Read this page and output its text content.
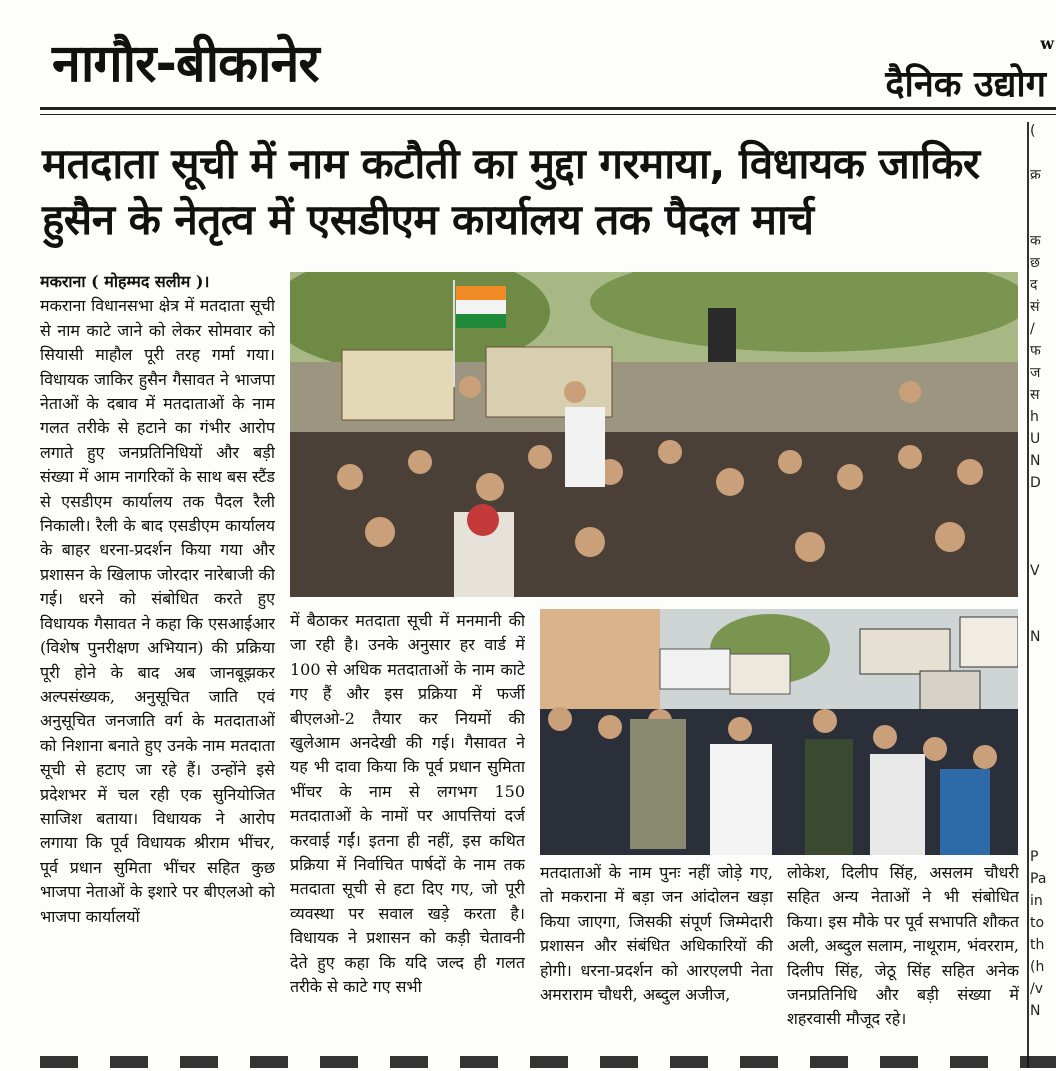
नागौर-बीकानेर	w
दैनिक उद्योग
मतदाता सूची में नाम कटौती का मुद्दा गरमाया, विधायक जाकिर हुसैन के नेतृत्व में एसडीएम कार्यालय तक पैदल मार्च
मकराना ( मोहम्मद सलीम )।
मकराना विधानसभा क्षेत्र में मतदाता सूची से नाम काटे जाने को लेकर सोमवार को सियासी माहौल पूरी तरह गर्मा गया। विधायक जाकिर हुसैन गैसावत ने भाजपा नेताओं के दबाव में मतदाताओं के नाम गलत तरीके से हटाने का गंभीर आरोप लगाते हुए जनप्रतिनिधियों और बड़ी संख्या में आम नागरिकों के साथ बस स्टैंड से एसडीएम कार्यालय तक पैदल रैली निकाली। रैली के बाद एसडीएम कार्यालय के बाहर धरना-प्रदर्शन किया गया और प्रशासन के खिलाफ जोरदार नारेबाजी की गई। धरने को संबोधित करते हुए विधायक गैसावत ने कहा कि एसआईआर (विशेष पुनरीक्षण अभियान) की प्रक्रिया पूरी होने के बाद अब जानबूझकर अल्पसंख्यक, अनुसूचित जाति एवं अनुसूचित जनजाति वर्ग के मतदाताओं को निशाना बनाते हुए उनके नाम मतदाता सूची से हटाए जा रहे हैं। उन्होंने इसे प्रदेशभर में चल रही एक सुनियोजित साजिश बताया। विधायक ने आरोप लगाया कि पूर्व विधायक श्रीराम भींचर, पूर्व प्रधान सुमिता भींचर सहित कुछ भाजपा नेताओं के इशारे पर बीएलओ को भाजपा कार्यालयों
में बैठाकर मतदाता सूची में मनमानी की जा रही है। उनके अनुसार हर वार्ड में 100 से अधिक मतदाताओं के नाम काटे गए हैं और इस प्रक्रिया में फर्जी बीएलओ-2 तैयार कर नियमों की खुलेआम अनदेखी की गई। गैसावत ने यह भी दावा किया कि पूर्व प्रधान सुमिता भींचर के नाम से लगभग 150 मतदाताओं के नामों पर आपत्तियां दर्ज करवाई गईं। इतना ही नहीं, इस कथित प्रक्रिया में निर्वाचित पार्षदों के नाम तक मतदाता सूची से हटा दिए गए, जो पूरी व्यवस्था पर सवाल खड़े करता है। विधायक ने प्रशासन को कड़ी चेतावनी देते हुए कहा कि यदि जल्द ही गलत तरीके से काटे गए सभी
मतदाताओं के नाम पुनः नहीं जोड़े गए, तो मकराना में बड़ा जन आंदोलन खड़ा किया जाएगा, जिसकी संपूर्ण जिम्मेदारी प्रशासन और संबंधित अधिकारियों की होगी। धरना-प्रदर्शन को आरएलपी नेता अमराराम चौधरी, अब्दुल अजीज,
लोकेश, दिलीप सिंह, असलम चौधरी सहित अन्य नेताओं ने भी संबोधित किया। इस मौके पर पूर्व सभापति शौकत अली, अब्दुल सलाम, नाथूराम, भंवरराम, दिलीप सिंह, जेठू सिंह सहित अनेक जनप्रतिनिधि और बड़ी संख्या में शहरवासी मौजूद रहे।
(
क्र
क
छ
द
सं
/
फ
ज
स
h
U
N
D
V
N
P
Pa
in
to
th
(h
/v
N
